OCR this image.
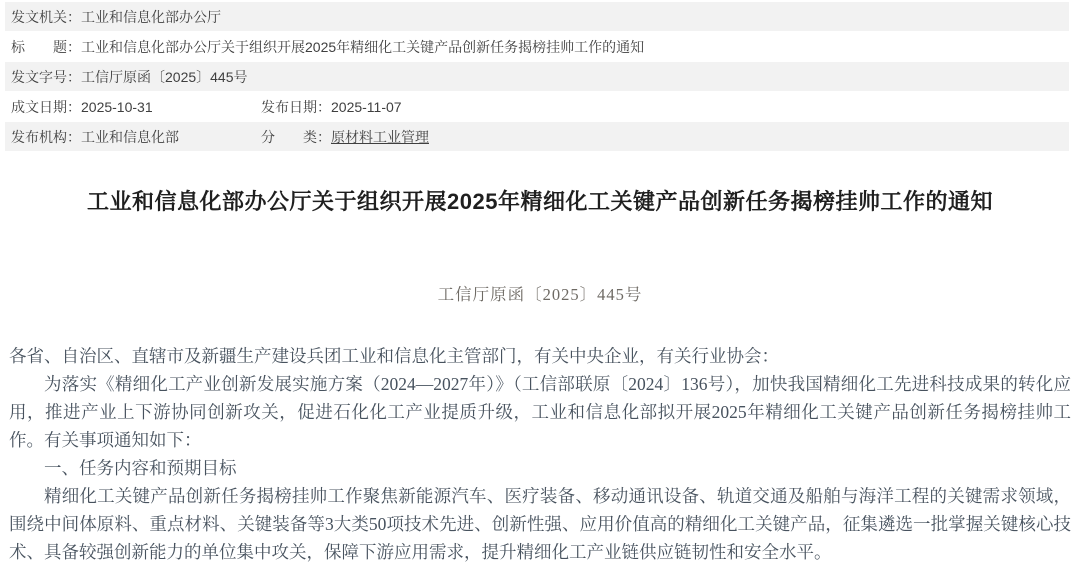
发文机关： 工业和信息化部办公厅
标　　题： 工业和信息化部办公厅关于组织开展2025年精细化工关键产品创新任务揭榜挂帅工作的通知
发文字号： 工信厅原函〔2025〕445号
成文日期： 2025-10-31	发布日期： 2025-11-07
发布机构： 工业和信息化部	分　　类： 原材料工业管理
工业和信息化部办公厅关于组织开展2025年精细化工关键产品创新任务揭榜挂帅工作的通知
工信厅原函〔2025〕445号

各省、自治区、直辖市及新疆生产建设兵团工业和信息化主管部门，有关中央企业，有关行业协会：

为落实《精细化工产业创新发展实施方案（2024—2027年）》（工信部联原〔2024〕136号），加快我国精细化工先进科技成果的转化应用，推进产业上下游协同创新攻关，促进石化化工产业提质升级，工业和信息化部拟开展2025年精细化工关键产品创新任务揭榜挂帅工作。有关事项通知如下：

一、任务内容和预期目标

精细化工关键产品创新任务揭榜挂帅工作聚焦新能源汽车、医疗装备、移动通讯设备、轨道交通及船舶与海洋工程的关键需求领域，围绕中间体原料、重点材料、关键装备等3大类50项技术先进、创新性强、应用价值高的精细化工关键产品，征集遴选一批掌握关键核心技术、具备较强创新能力的单位集中攻关，保障下游应用需求，提升精细化工产业链供应链韧性和安全水平。
